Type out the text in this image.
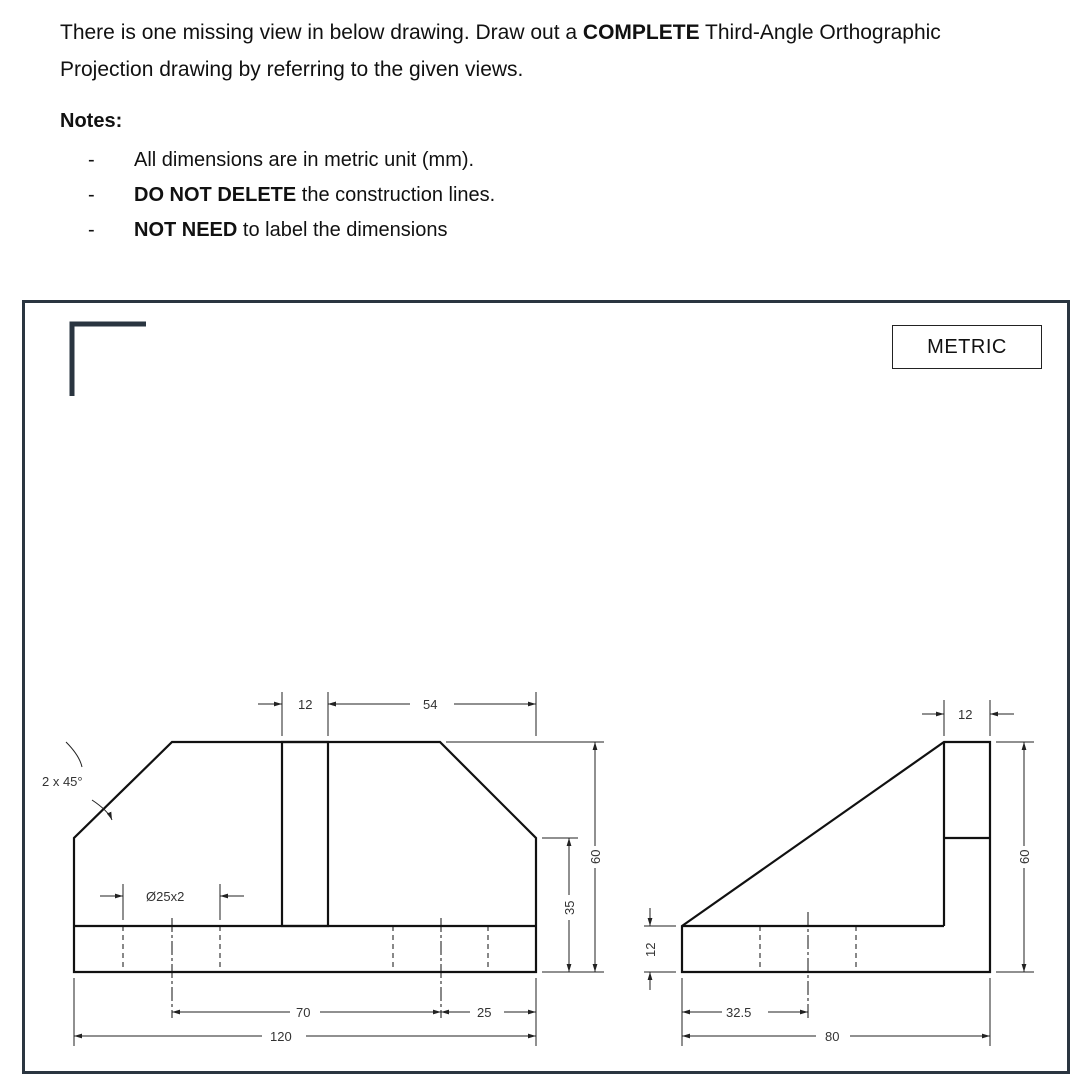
There is one missing view in below drawing. Draw out a COMPLETE Third-Angle Orthographic

Projection drawing by referring to the given views.

Notes:
- All dimensions are in metric unit (mm).
- DO NOT DELETE the construction lines.
- NOT NEED to label the dimensions
METRIC
12	54
Ø25x2
70	25
120
35
60
12
2 x 45°
12
60
32.5
80
